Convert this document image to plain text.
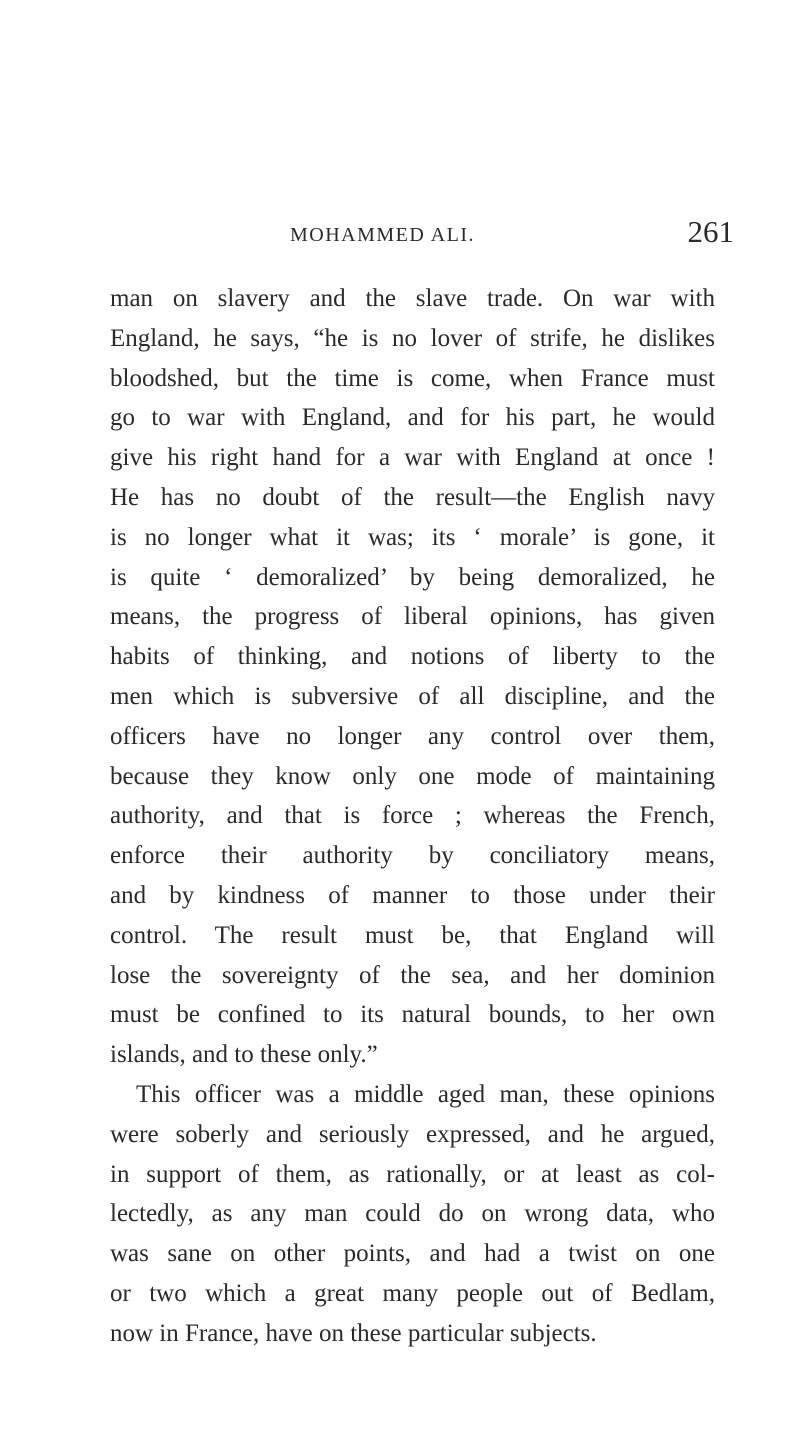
MOHAMMED ALI.	261
man on slavery and the slave trade. On war with
England, he says, “he is no lover of strife, he dislikes
bloodshed, but the time is come, when France must
go to war with England, and for his part, he would
give his right hand for a war with England at once !
He has no doubt of the result—the English navy
is no longer what it was; its ‘ morale’ is gone, it
is quite ‘ demoralized’ by being demoralized, he
means, the progress of liberal opinions, has given
habits of thinking, and notions of liberty to the
men which is subversive of all discipline, and the
officers have no longer any control over them,
because they know only one mode of maintaining
authority, and that is force ; whereas the French,
enforce their authority by conciliatory means,
and by kindness of manner to those under their
control. The result must be, that England will
lose the sovereignty of the sea, and her dominion
must be confined to its natural bounds, to her own
islands, and to these only.”
This officer was a middle aged man, these opinions
were soberly and seriously expressed, and he argued,
in support of them, as rationally, or at least as col-
lectedly, as any man could do on wrong data, who
was sane on other points, and had a twist on one
or two which a great many people out of Bedlam,
now in France, have on these particular subjects.
